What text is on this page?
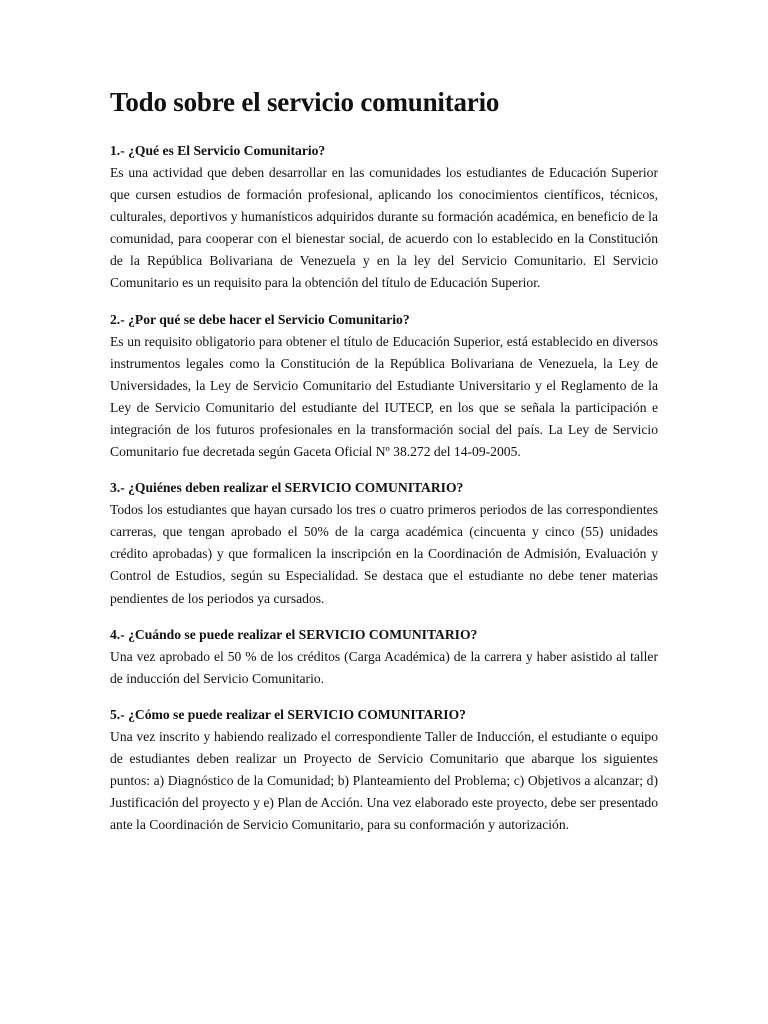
Todo sobre el servicio comunitario

1.- ¿Qué es El Servicio Comunitario?

Es una actividad que deben desarrollar en las comunidades los estudiantes de Educación Superior que cursen estudios de formación profesional, aplicando los conocimientos científicos, técnicos, culturales, deportivos y humanísticos adquiridos durante su formación académica, en beneficio de la comunidad, para cooperar con el bienestar social, de acuerdo con lo establecido en la Constitución de la República Bolivariana de Venezuela y en la ley del Servicio Comunitario. El Servicio Comunitario es un requisito para la obtención del título de Educación Superior.

2.- ¿Por qué se debe hacer el Servicio Comunitario?

Es un requisito obligatorio para obtener el título de Educación Superior, está establecido en diversos instrumentos legales como la Constitución de la República Bolivariana de Venezuela, la Ley de Universidades, la Ley de Servicio Comunitario del Estudiante Universitario y el Reglamento de la Ley de Servicio Comunitario del estudiante del IUTECP, en los que se señala la participación e integración de los futuros profesionales en la transformación social del país. La Ley de Servicio Comunitario fue decretada según Gaceta Oficial Nº 38.272 del 14-09-2005.

3.- ¿Quiénes deben realizar el SERVICIO COMUNITARIO?

Todos los estudiantes que hayan cursado los tres o cuatro primeros periodos de las correspondientes carreras, que tengan aprobado el 50% de la carga académica (cincuenta y cinco (55) unidades crédito aprobadas) y que formalicen la inscripción en la Coordinación de Admisión, Evaluación y Control de Estudios, según su Especialidad. Se destaca que el estudiante no debe tener materias pendientes de los periodos ya cursados.

4.- ¿Cuándo se puede realizar el SERVICIO COMUNITARIO?

Una vez aprobado el 50 % de los créditos (Carga Académica) de la carrera y haber asistido al taller de inducción del Servicio Comunitario.

5.- ¿Cómo se puede realizar el SERVICIO COMUNITARIO?

Una vez inscrito y habiendo realizado el correspondiente Taller de Inducción, el estudiante o equipo de estudiantes deben realizar un Proyecto de Servicio Comunitario que abarque los siguientes puntos: a) Diagnóstico de la Comunidad; b) Planteamiento del Problema; c) Objetivos a alcanzar; d) Justificación del proyecto y e) Plan de Acción. Una vez elaborado este proyecto, debe ser presentado ante la Coordinación de Servicio Comunitario, para su conformación y autorización.
